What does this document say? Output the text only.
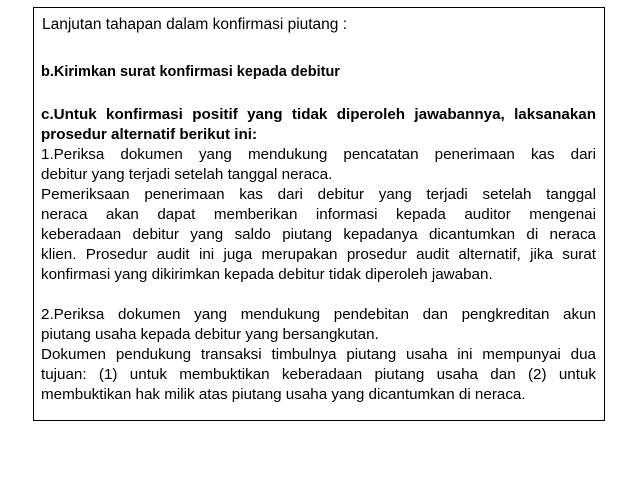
Lanjutan tahapan dalam konfirmasi piutang :
b.Kirimkan surat konfirmasi kepada debitur
c.Untuk konfirmasi positif yang tidak diperoleh jawabannya, laksanakan
prosedur alternatif berikut ini:
1.Periksa dokumen yang mendukung pencatatan penerimaan kas dari
debitur yang terjadi setelah tanggal neraca.
Pemeriksaan penerimaan kas dari debitur yang terjadi setelah tanggal
neraca akan dapat memberikan informasi kepada auditor mengenai
keberadaan debitur yang saldo piutang kepadanya dicantumkan di neraca
klien. Prosedur audit ini juga merupakan prosedur audit alternatif, jika surat
konfirmasi yang dikirimkan kepada debitur tidak diperoleh jawaban.
2.Periksa dokumen yang mendukung pendebitan dan pengkreditan akun
piutang usaha kepada debitur yang bersangkutan.
Dokumen pendukung transaksi timbulnya piutang usaha ini mempunyai dua
tujuan: (1) untuk membuktikan keberadaan piutang usaha dan (2) untuk
membuktikan hak milik atas piutang usaha yang dicantumkan di neraca.
